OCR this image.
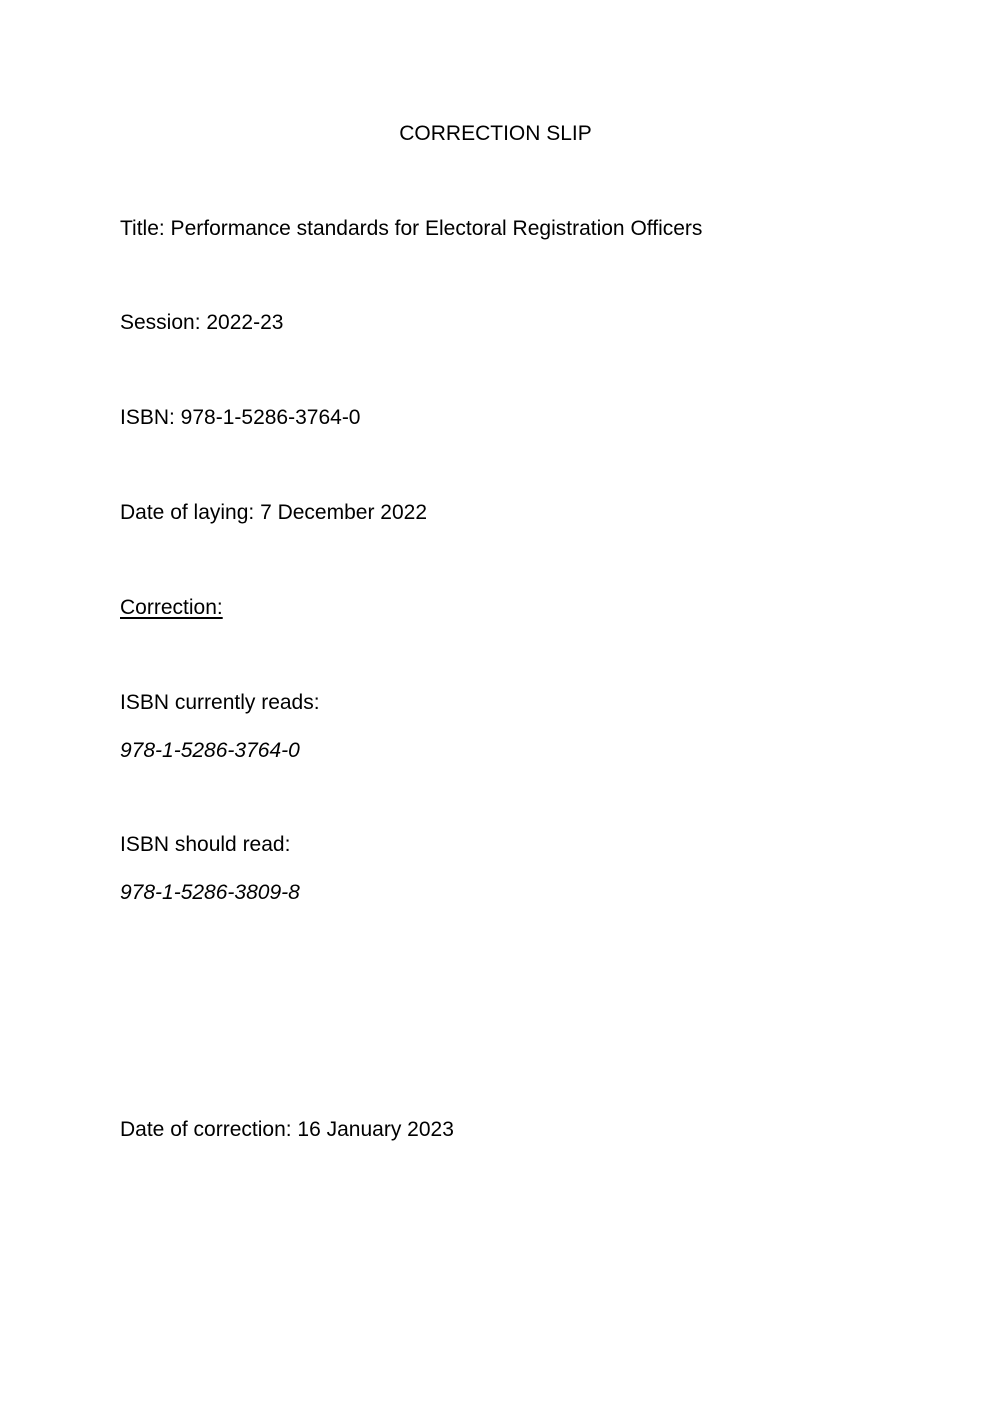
CORRECTION SLIP
Title: Performance standards for Electoral Registration Officers
Session: 2022-23
ISBN: 978-1-5286-3764-0
Date of laying: 7 December 2022
Correction:
ISBN currently reads:
978-1-5286-3764-0
ISBN should read:
978-1-5286-3809-8
Date of correction: 16 January 2023
